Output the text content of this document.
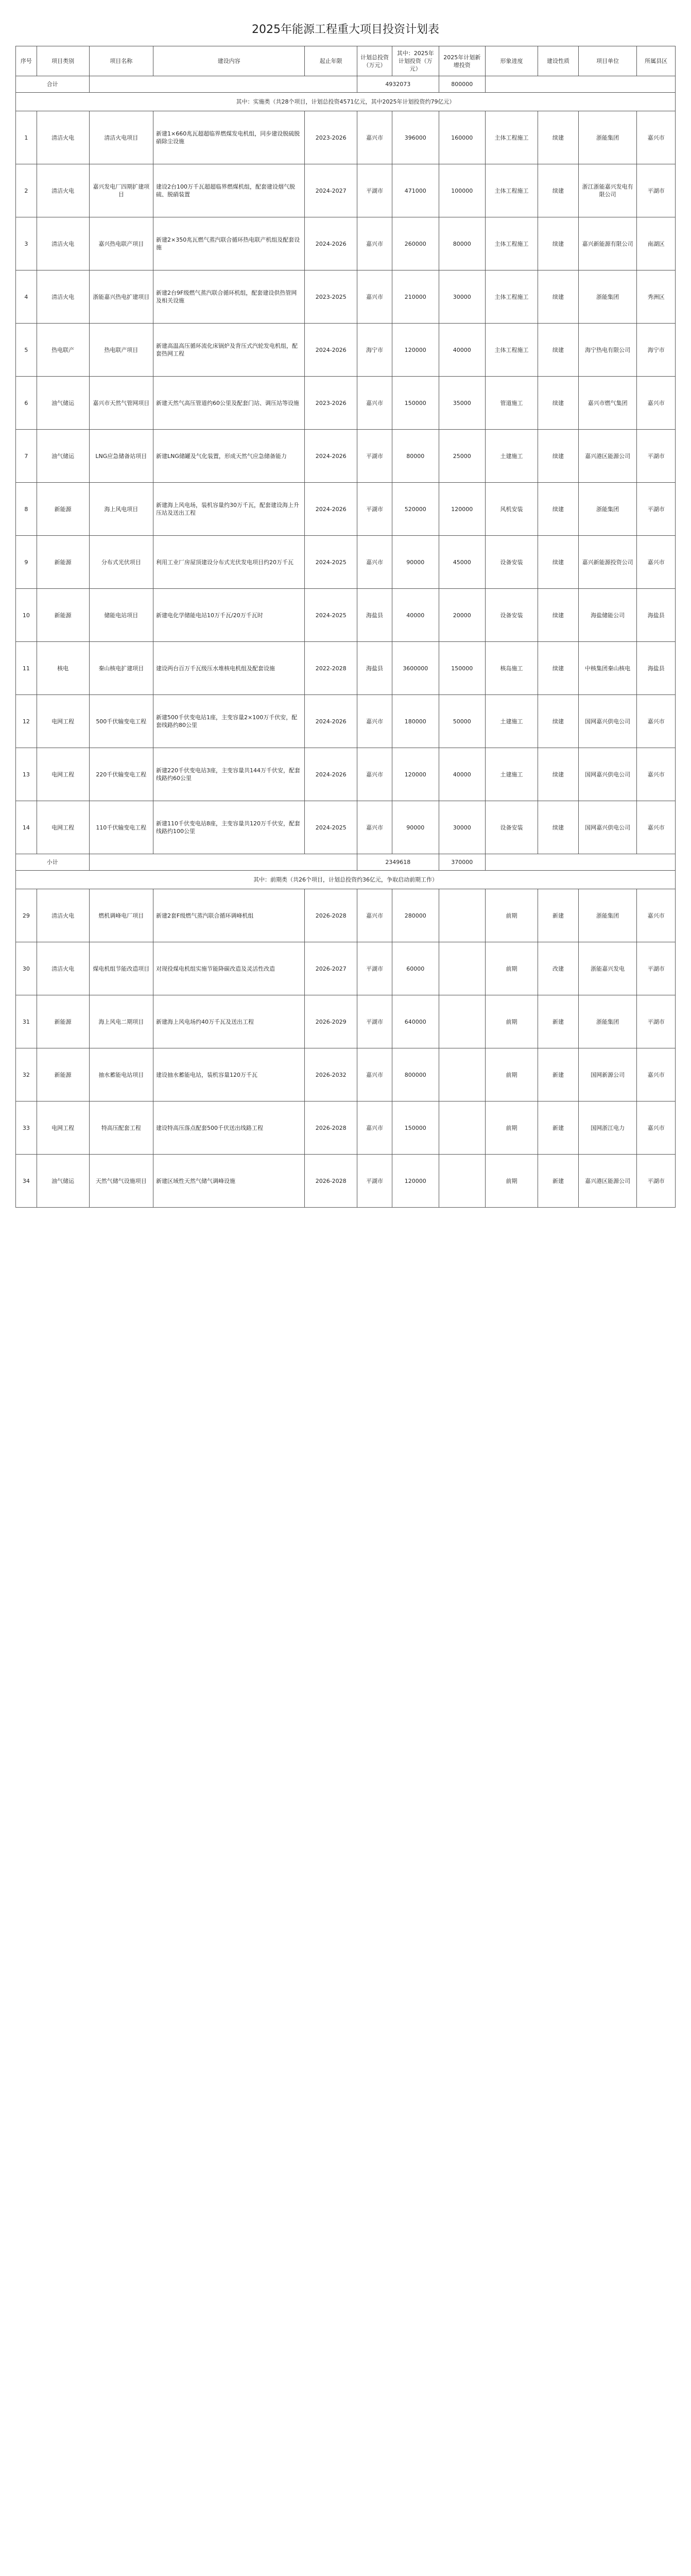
2025年能源工程重大项目投资计划表
序号	项目类别	项目名称	建设内容	起止年限	计划总投资（万元）	其中：2025年计划投资（万元）	2025年计划新增投资	形象进度	建设性质	项目单位	所属县区
合计					4932073		800000				
其中：实施类（共28个项目，计划总投资4571亿元，其中2025年计划投资约79亿元）											
1	清洁火电	清洁火电项目	新建1×660兆瓦超超临界燃煤发电机组，同步建设脱硫脱硝除尘设施	2023-2026	嘉兴市	396000	160000	主体工程施工	续建	浙能集团	嘉兴市
2	清洁火电	嘉兴发电厂四期扩建项目	建设2台100万千瓦超超临界燃煤机组，配套建设烟气脱硫、脱硝装置	2024-2027	平湖市	471000	100000	主体工程施工	续建	浙江浙能嘉兴发电有限公司	平湖市
3	清洁火电	嘉兴热电联产项目	新建2×350兆瓦燃气蒸汽联合循环热电联产机组及配套设施	2024-2026	嘉兴市	260000	80000	主体工程施工	续建	嘉兴新能源有限公司	南湖区
4	清洁火电	浙能嘉兴热电扩建项目	新建2台9F级燃气蒸汽联合循环机组，配套建设供热管网及相关设施	2023-2025	嘉兴市	210000	30000	主体工程施工	续建	浙能集团	秀洲区
5	热电联产	热电联产项目	新建高温高压循环流化床锅炉及背压式汽轮发电机组，配套热网工程	2024-2026	海宁市	120000	40000	主体工程施工	续建	海宁热电有限公司	海宁市
6	油气储运	嘉兴市天然气管网项目	新建天然气高压管道约60公里及配套门站、调压站等设施	2023-2026	嘉兴市	150000	35000	管道施工	续建	嘉兴市燃气集团	嘉兴市
7	油气储运	LNG应急储备站项目	新建LNG储罐及气化装置，形成天然气应急储备能力	2024-2026	平湖市	80000	25000	土建施工	续建	嘉兴港区能源公司	平湖市
8	新能源	海上风电项目	新建海上风电场，装机容量约30万千瓦，配套建设海上升压站及送出工程	2024-2026	平湖市	520000	120000	风机安装	续建	浙能集团	平湖市
9	新能源	分布式光伏项目	利用工业厂房屋顶建设分布式光伏发电项目约20万千瓦	2024-2025	嘉兴市	90000	45000	设备安装	续建	嘉兴新能源投资公司	嘉兴市
10	新能源	储能电站项目	新建电化学储能电站10万千瓦/20万千瓦时	2024-2025	海盐县	40000	20000	设备安装	续建	海盐储能公司	海盐县
11	核电	秦山核电扩建项目	建设两台百万千瓦级压水堆核电机组及配套设施	2022-2028	海盐县	3600000	150000	核岛施工	续建	中核集团秦山核电	海盐县
12	电网工程	500千伏输变电工程	新建500千伏变电站1座，主变容量2×100万千伏安，配套线路约80公里	2024-2026	嘉兴市	180000	50000	土建施工	续建	国网嘉兴供电公司	嘉兴市
13	电网工程	220千伏输变电工程	新建220千伏变电站3座，主变容量共144万千伏安，配套线路约60公里	2024-2026	嘉兴市	120000	40000	土建施工	续建	国网嘉兴供电公司	嘉兴市
14	电网工程	110千伏输变电工程	新建110千伏变电站8座，主变容量共120万千伏安，配套线路约100公里	2024-2025	嘉兴市	90000	30000	设备安装	续建	国网嘉兴供电公司	嘉兴市
小计					2349618		370000				
其中：前期类（共26个项目，计划总投资约36亿元，争取启动前期工作）											
29	清洁火电	燃机调峰电厂项目	新建2套F级燃气蒸汽联合循环调峰机组	2026-2028	嘉兴市	280000		前期	新建	浙能集团	嘉兴市
30	清洁火电	煤电机组节能改造项目	对现役煤电机组实施节能降碳改造及灵活性改造	2026-2027	平湖市	60000		前期	改建	浙能嘉兴发电	平湖市
31	新能源	海上风电二期项目	新建海上风电场约40万千瓦及送出工程	2026-2029	平湖市	640000		前期	新建	浙能集团	平湖市
32	新能源	抽水蓄能电站项目	建设抽水蓄能电站，装机容量120万千瓦	2026-2032	嘉兴市	800000		前期	新建	国网新源公司	嘉兴市
33	电网工程	特高压配套工程	建设特高压落点配套500千伏送出线路工程	2026-2028	嘉兴市	150000		前期	新建	国网浙江电力	嘉兴市
34	油气储运	天然气储气设施项目	新建区域性天然气储气调峰设施	2026-2028	平湖市	120000		前期	新建	嘉兴港区能源公司	平湖市
